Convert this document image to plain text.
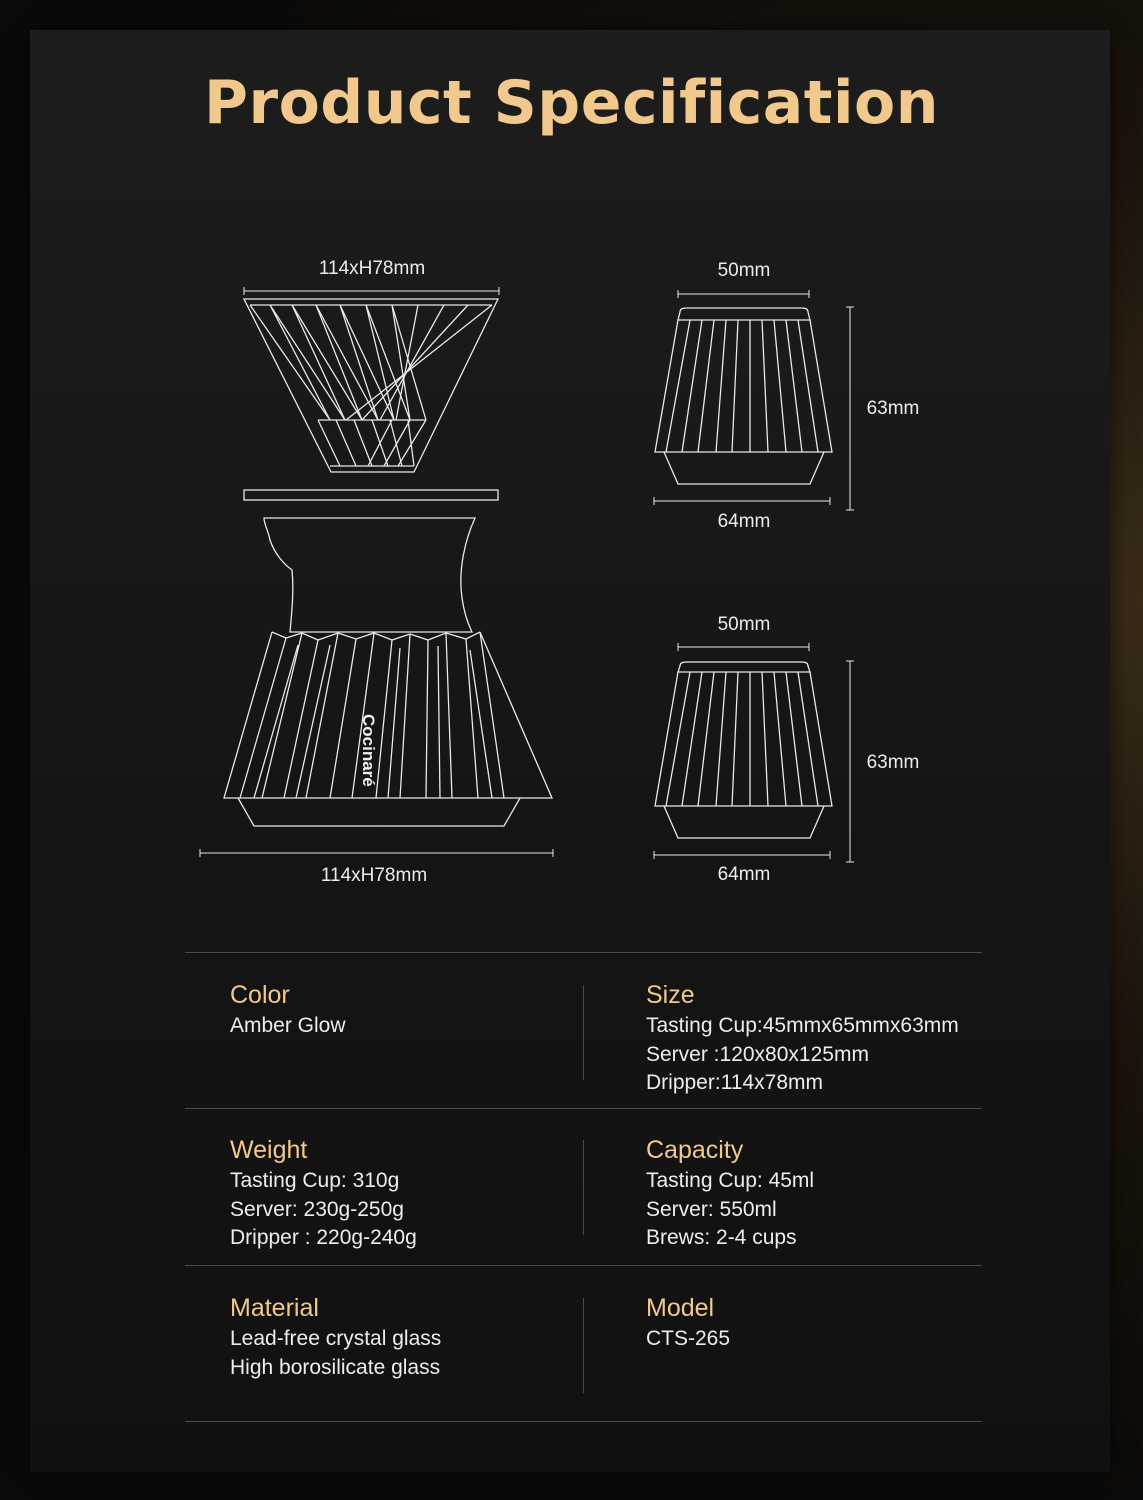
Product Specification
Cocinaré
114xH78mm
114xH78mm
50mm
63mm
64mm
50mm
63mm
64mm
Color
Amber Glow
Size
Tasting Cup:45mmx65mmx63mm
Server :120x80x125mm
Dripper:114x78mm
Weight
Tasting Cup: 310g
Server: 230g-250g
Dripper : 220g-240g
Capacity
Tasting Cup: 45ml
Server: 550ml
Brews: 2-4 cups
Material
Lead-free crystal glass
High borosilicate glass
Model
CTS-265
